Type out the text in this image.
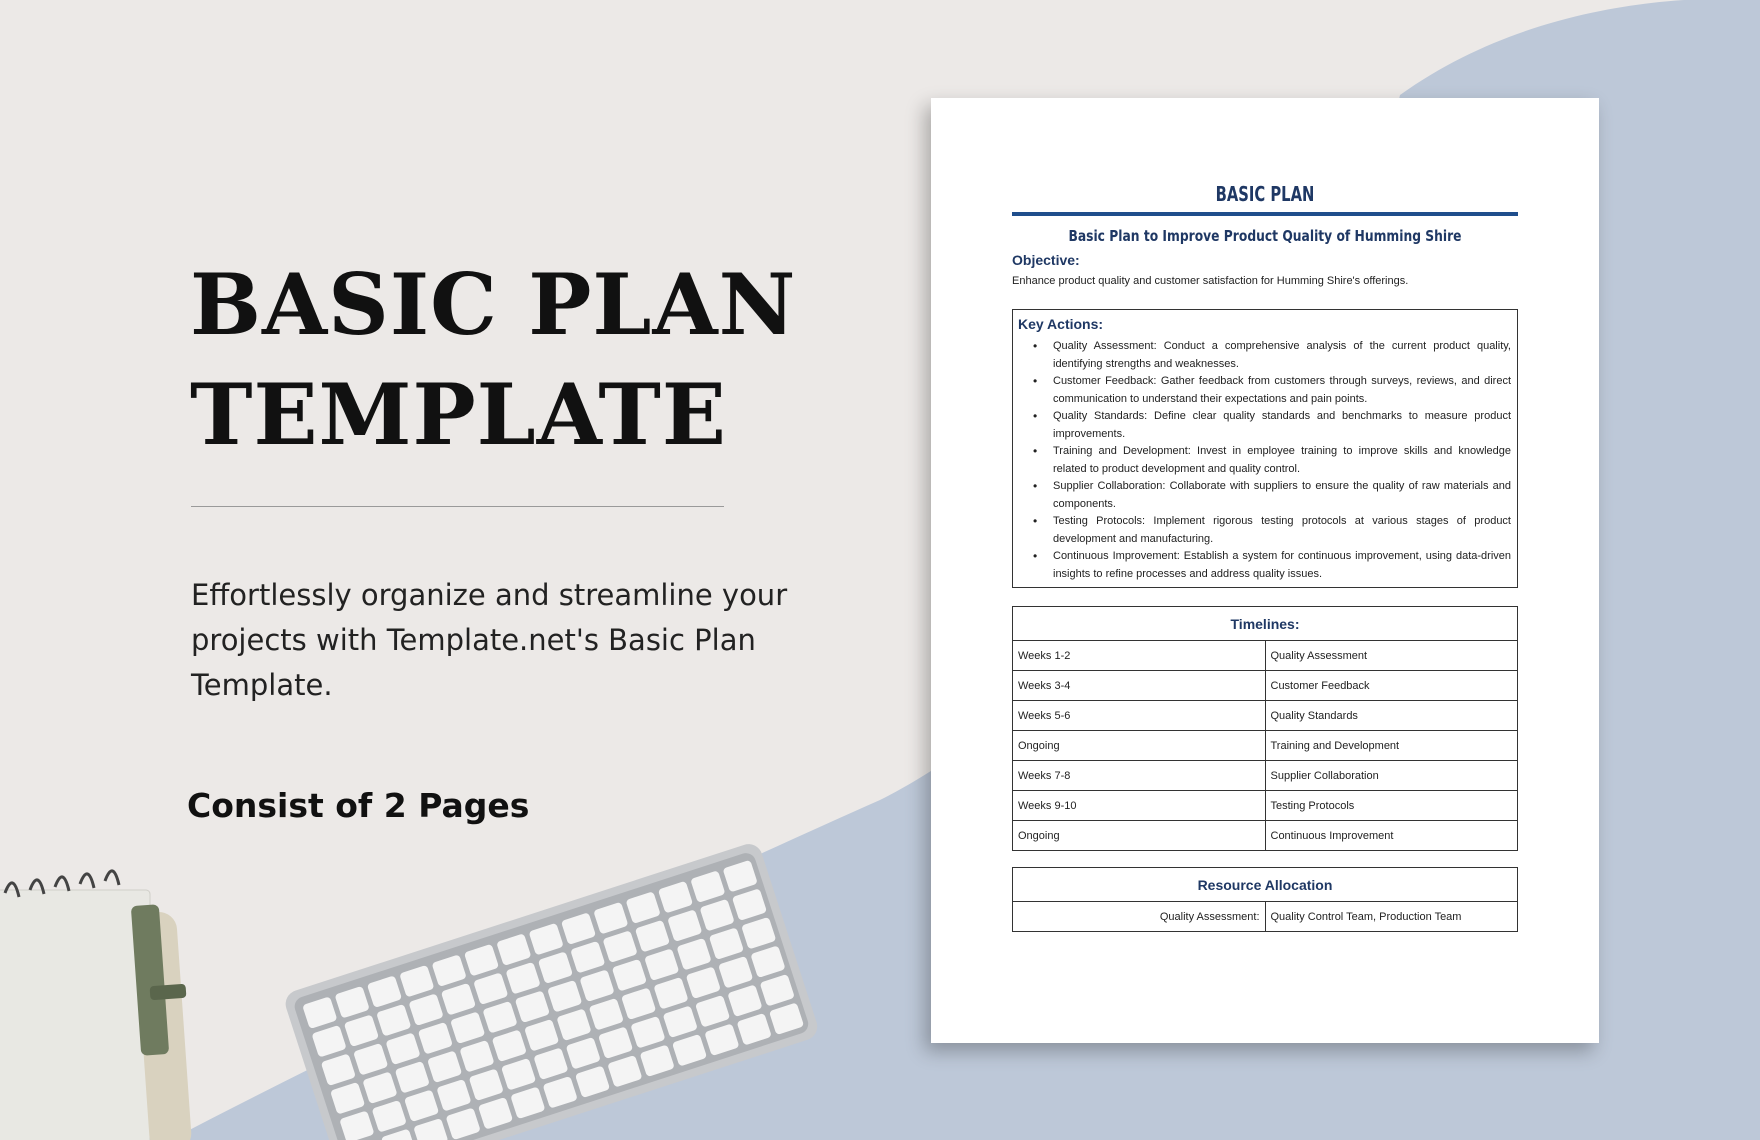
BASIC PLAN
TEMPLATE
Effortlessly organize and streamline your projects with Template.net's Basic Plan Template.
Consist of 2 Pages
BASIC PLAN
Basic Plan to Improve Product Quality of Humming Shire
Objective:
Enhance product quality and customer satisfaction for Humming Shire's offerings.
Key Actions:
• Quality Assessment: Conduct a comprehensive analysis of the current product quality, identifying strengths and weaknesses.
• Customer Feedback: Gather feedback from customers through surveys, reviews, and direct communication to understand their expectations and pain points.
• Quality Standards: Define clear quality standards and benchmarks to measure product improvements.
• Training and Development: Invest in employee training to improve skills and knowledge related to product development and quality control.
• Supplier Collaboration: Collaborate with suppliers to ensure the quality of raw materials and components.
• Testing Protocols: Implement rigorous testing protocols at various stages of product development and manufacturing.
• Continuous Improvement: Establish a system for continuous improvement, using data-driven insights to refine processes and address quality issues.
Timelines:	
Weeks 1-2	Quality Assessment
Weeks 3-4	Customer Feedback
Weeks 5-6	Quality Standards
Ongoing	Training and Development
Weeks 7-8	Supplier Collaboration
Weeks 9-10	Testing Protocols
Ongoing	Continuous Improvement
Resource Allocation
Quality Assessment:	Quality Control Team, Production Team
